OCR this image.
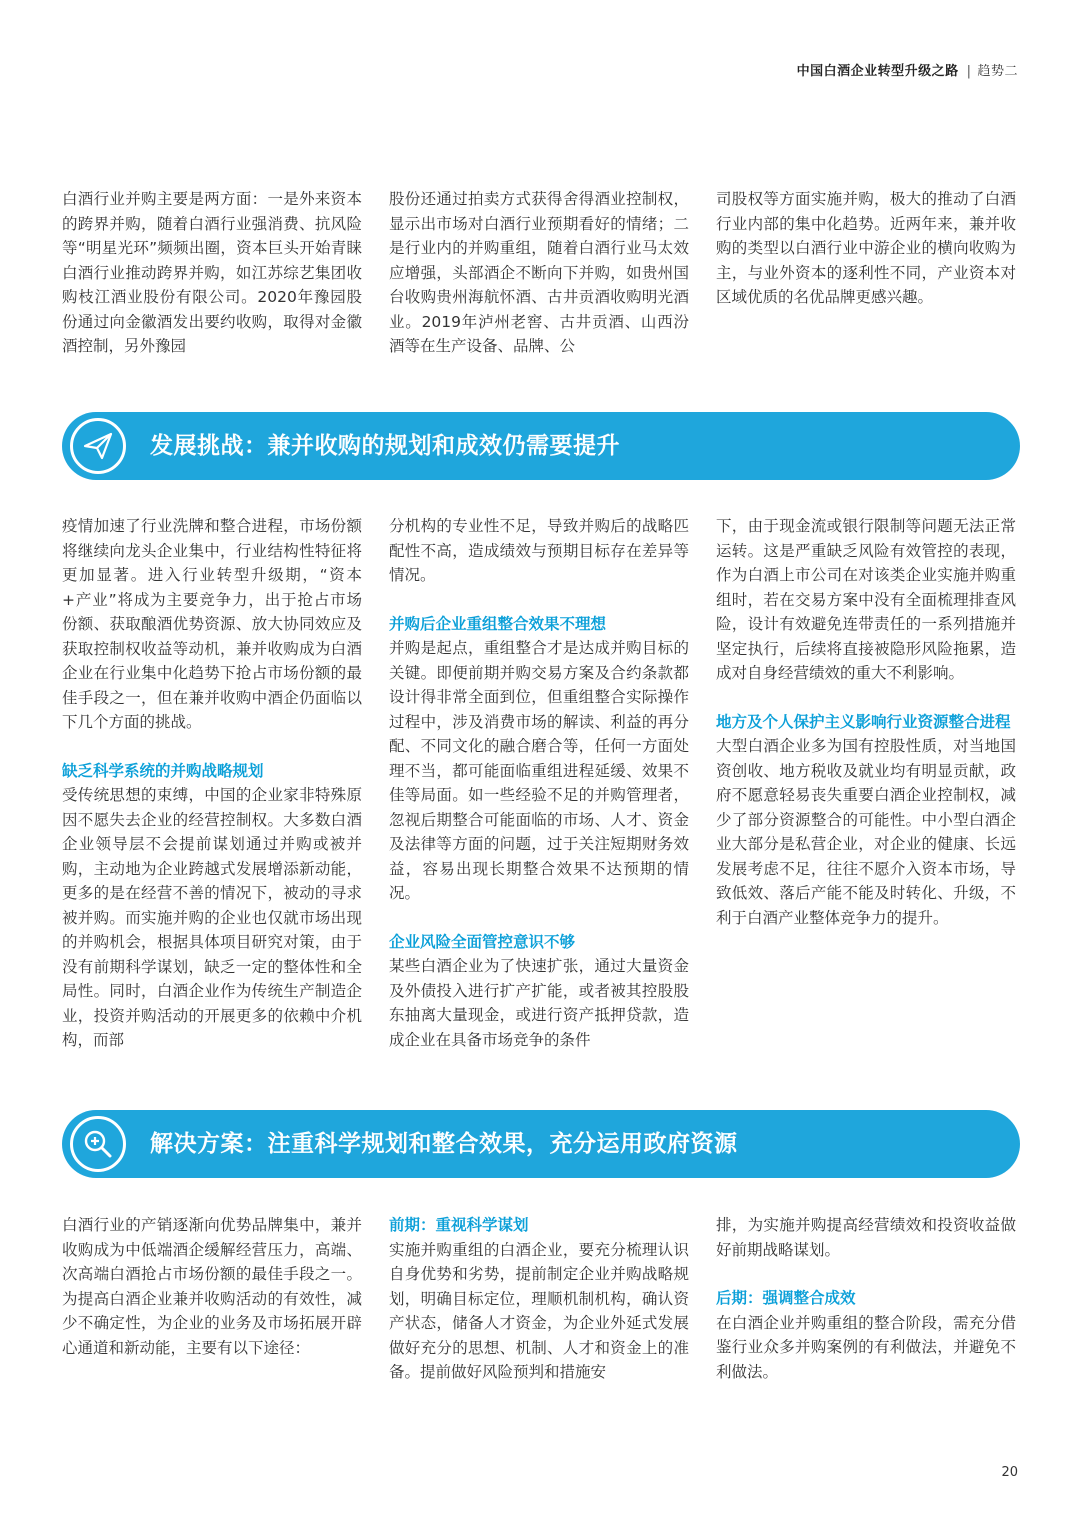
中国白酒企业转型升级之路 | 趋势二

白酒行业并购主要是两方面：一是外来资本的跨界并购，随着白酒行业强消费、抗风险等“明星光环”频频出圈，资本巨头开始青睐白酒行业推动跨界并购，如江苏综艺集团收购枝江酒业股份有限公司。2020年豫园股份通过向金徽酒发出要约收购，取得对金徽酒控制，另外豫园

股份还通过拍卖方式获得舍得酒业控制权，显示出市场对白酒行业预期看好的情绪；二是行业内的并购重组，随着白酒行业马太效应增强，头部酒企不断向下并购，如贵州国台收购贵州海航怀酒、古井贡酒收购明光酒业。2019年泸州老窖、古井贡酒、山西汾酒等在生产设备、品牌、公

司股权等方面实施并购，极大的推动了白酒行业内部的集中化趋势。近两年来，兼并收购的类型以白酒行业中游企业的横向收购为主，与业外资本的逐利性不同，产业资本对区域优质的名优品牌更感兴趣。

发展挑战：兼并收购的规划和成效仍需要提升

疫情加速了行业洗牌和整合进程，市场份额将继续向龙头企业集中，行业结构性特征将更加显著。进入行业转型升级期，“资本+产业”将成为主要竞争力，出于抢占市场份额、获取酿酒优势资源、放大协同效应及获取控制权收益等动机，兼并收购成为白酒企业在行业集中化趋势下抢占市场份额的最佳手段之一，但在兼并收购中酒企仍面临以下几个方面的挑战。

缺乏科学系统的并购战略规划

受传统思想的束缚，中国的企业家非特殊原因不愿失去企业的经营控制权。大多数白酒企业领导层不会提前谋划通过并购或被并购，主动地为企业跨越式发展增添新动能，更多的是在经营不善的情况下，被动的寻求被并购。而实施并购的企业也仅就市场出现的并购机会，根据具体项目研究对策，由于没有前期科学谋划，缺乏一定的整体性和全局性。同时，白酒企业作为传统生产制造企业，投资并购活动的开展更多的依赖中介机构，而部

分机构的专业性不足，导致并购后的战略匹配性不高，造成绩效与预期目标存在差异等情况。

并购后企业重组整合效果不理想

并购是起点，重组整合才是达成并购目标的关键。即便前期并购交易方案及合约条款都设计得非常全面到位，但重组整合实际操作过程中，涉及消费市场的解读、利益的再分配、不同文化的融合磨合等，任何一方面处理不当，都可能面临重组进程延缓、效果不佳等局面。如一些经验不足的并购管理者，忽视后期整合可能面临的市场、人才、资金及法律等方面的问题，过于关注短期财务效益，容易出现长期整合效果不达预期的情况。

企业风险全面管控意识不够

某些白酒企业为了快速扩张，通过大量资金及外债投入进行扩产扩能，或者被其控股股东抽离大量现金，或进行资产抵押贷款，造成企业在具备市场竞争的条件

下，由于现金流或银行限制等问题无法正常运转。这是严重缺乏风险有效管控的表现，作为白酒上市公司在对该类企业实施并购重组时，若在交易方案中没有全面梳理排查风险，设计有效避免连带责任的一系列措施并坚定执行，后续将直接被隐形风险拖累，造成对自身经营绩效的重大不利影响。

地方及个人保护主义影响行业资源整合进程

大型白酒企业多为国有控股性质，对当地国资创收、地方税收及就业均有明显贡献，政府不愿意轻易丧失重要白酒企业控制权，减少了部分资源整合的可能性。中小型白酒企业大部分是私营企业，对企业的健康、长远发展考虑不足，往往不愿介入资本市场，导致低效、落后产能不能及时转化、升级，不利于白酒产业整体竞争力的提升。

解决方案：注重科学规划和整合效果，充分运用政府资源

白酒行业的产销逐渐向优势品牌集中，兼并收购成为中低端酒企缓解经营压力，高端、次高端白酒抢占市场份额的最佳手段之一。为提高白酒企业兼并收购活动的有效性，减少不确定性，为企业的业务及市场拓展开辟心通道和新动能，主要有以下途径：

前期：重视科学谋划

实施并购重组的白酒企业，要充分梳理认识自身优势和劣势，提前制定企业并购战略规划，明确目标定位，理顺机制机构，确认资产状态，储备人才资金，为企业外延式发展做好充分的思想、机制、人才和资金上的准备。提前做好风险预判和措施安

排，为实施并购提高经营绩效和投资收益做好前期战略谋划。

后期：强调整合成效

在白酒企业并购重组的整合阶段，需充分借鉴行业众多并购案例的有利做法，并避免不利做法。

20
